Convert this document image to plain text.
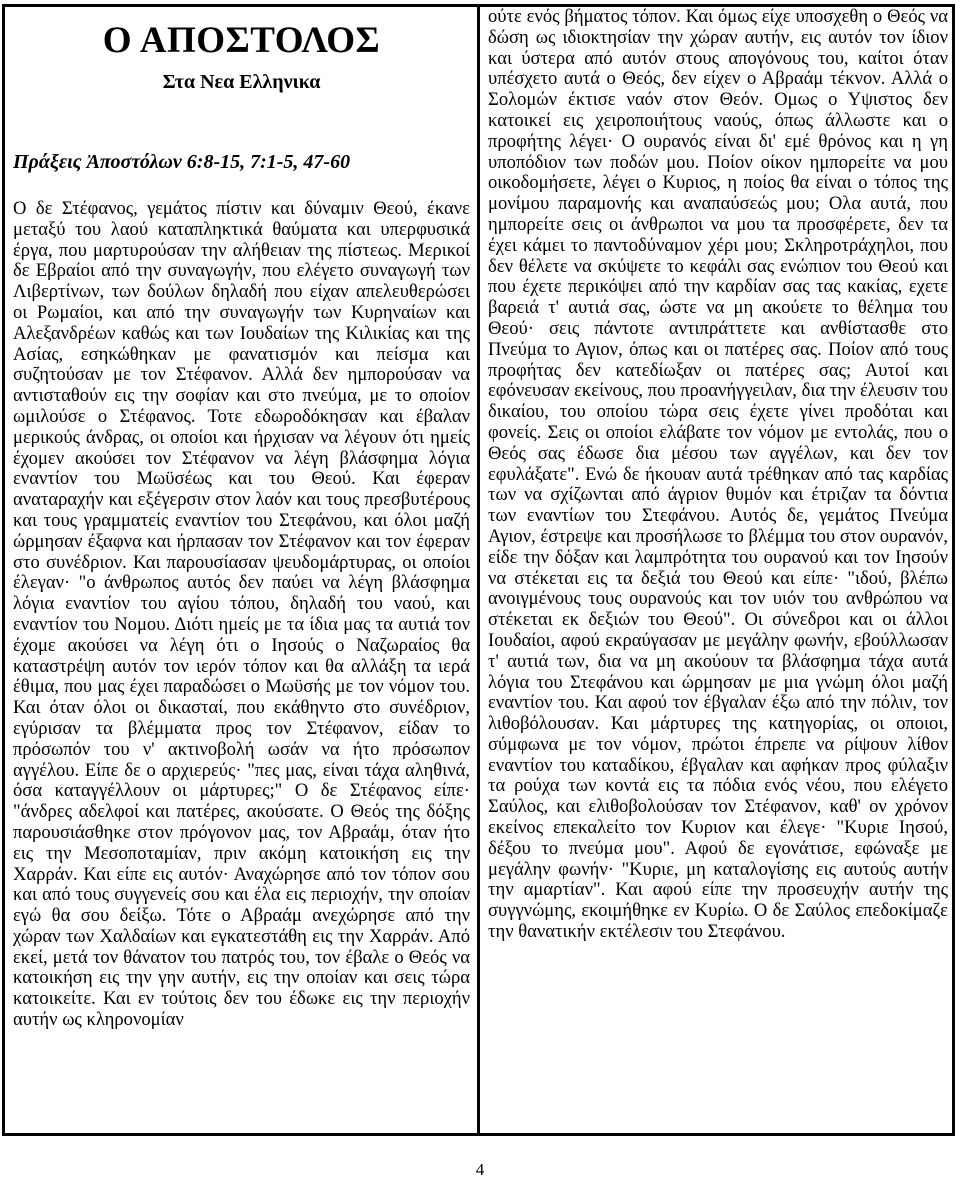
Ο ΑΠΟΣΤΟΛΟΣ
Στα Νεα Ελληνικα
Πράξεις Ἀποστόλων 6:8-15, 7:1-5, 47-60

Ο δε Στέφανος, γεμάτος πίστιν και δύναμιν Θεού, έκανε μεταξύ του λαού καταπληκτικά θαύματα και υπερφυσικά έργα, που μαρτυρούσαν την αλήθειαν της πίστεως. Μερικοί δε Εβραίοι από την συναγωγήν, που ελέγετο συναγωγή των Λιβερτίνων, των δούλων δηλαδή που είχαν απελευθερώσει οι Ρωμαίοι, και από την συναγωγήν των Κυρηναίων και Αλεξανδρέων καθώς και των Ιουδαίων της Κιλικίας και της Ασίας, εσηκώθηκαν με φανατισμόν και πείσμα και συζητούσαν με τον Στέφανον. Αλλά δεν ημπορούσαν να αντισταθούν εις την σοφίαν και στο πνεύμα, με το οποίον ωμιλούσε ο Στέφανος. Τοτε εδωροδόκησαν και έβαλαν μερικούς άνδρας, οι οποίοι και ήρχισαν να λέγουν ότι ημείς έχομεν ακούσει τον Στέφανον να λέγη βλάσφημα λόγια εναντίον του Μωϋσέως και του Θεού. Και έφεραν αναταραχήν και εξέγερσιν στον λαόν και τους πρεσβυτέρους και τους γραμματείς εναντίον του Στεφάνου, και όλοι μαζή ώρμησαν έξαφνα και ήρπασαν τον Στέφανον και τον έφεραν στο συνέδριον. Και παρουσίασαν ψευδομάρτυρας, οι οποίοι έλεγαν· "ο άνθρωπος αυτός δεν παύει να λέγη βλάσφημα λόγια εναντίον του αγίου τόπου, δηλαδή του ναού, και εναντίον του Νομου. Διότι ημείς με τα ίδια μας τα αυτιά τον έχομε ακούσει να λέγη ότι ο Ιησούς ο Ναζωραίος θα καταστρέψη αυτόν τον ιερόν τόπον και θα αλλάξη τα ιερά έθιμα, που μας έχει παραδώσει ο Μωϋσής με τον νόμον του. Και όταν όλοι οι δικασταί, που εκάθηντο στο συνέδριον, εγύρισαν τα βλέμματα προς τον Στέφανον, είδαν το πρόσωπόν του ν' ακτινοβολή ωσάν να ήτο πρόσωπον αγγέλου. Είπε δε ο αρχιερεύς· "πες μας, είναι τάχα αληθινά, όσα καταγγέλλουν οι μάρτυρες;" Ο δε Στέφανος είπε· "άνδρες αδελφοί και πατέρες, ακούσατε. Ο Θεός της δόξης παρουσιάσθηκε στον πρόγονον μας, τον Αβραάμ, όταν ήτο εις την Μεσοποταμίαν, πριν ακόμη κατοικήση εις την Χαρράν. Και είπε εις αυτόν· Αναχώρησε από τον τόπον σου και από τους συγγενείς σου και έλα εις περιοχήν, την οποίαν εγώ θα σου δείξω. Τότε ο Αβραάμ ανεχώρησε από την χώραν των Χαλδαίων και εγκατεστάθη εις την Χαρράν. Από εκεί, μετά τον θάνατον του πατρός του, τον έβαλε ο Θεός να κατοικήση εις την γην αυτήν, εις την οποίαν και σεις τώρα κατοικείτε. Και εν τούτοις δεν του έδωκε εις την περιοχήν αυτήν ως κληρονομίαν

ούτε ενός βήματος τόπον. Και όμως είχε υποσχεθη ο Θεός να δώση ως ιδιοκτησίαν την χώραν αυτήν, εις αυτόν τον ίδιον και ύστερα από αυτόν στους απογόνους του, καίτοι όταν υπέσχετο αυτά ο Θεός, δεν είχεν ο Αβραάμ τέκνον. Αλλά ο Σολομών έκτισε ναόν στον Θεόν. Ομως ο Υψιστος δεν κατοικεί εις χειροποιήτους ναούς, όπως άλλωστε και ο προφήτης λέγει· Ο ουρανός είναι δι' εμέ θρόνος και η γη υποπόδιον των ποδών μου. Ποίον οίκον ημπορείτε να μου οικοδομήσετε, λέγει ο Κυριος, η ποίος θα είναι ο τόπος της μονίμου παραμονής και αναπαύσεώς μου; Ολα αυτά, που ημπορείτε σεις οι άνθρωποι να μου τα προσφέρετε, δεν τα έχει κάμει το παντοδύναμον χέρι μου; Σκληροτράχηλοι, που δεν θέλετε να σκύψετε το κεφάλι σας ενώπιον του Θεού και που έχετε περικόψει από την καρδίαν σας τας κακίας, εχετε βαρειά τ' αυτιά σας, ώστε να μη ακούετε το θέλημα του Θεού· σεις πάντοτε αντιπράττετε και ανθίστασθε στο Πνεύμα το Αγιον, όπως και οι πατέρες σας. Ποίον από τους προφήτας δεν κατεδίωξαν οι πατέρες σας; Αυτοί και εφόνευσαν εκείνους, που προανήγγειλαν, δια την έλευσιν του δικαίου, του οποίου τώρα σεις έχετε γίνει προδόται και φονείς. Σεις οι οποίοι ελάβατε τον νόμον με εντολάς, που ο Θεός σας έδωσε δια μέσου των αγγέλων, και δεν τον εφυλάξατε". Ενώ δε ήκουαν αυτά τρέθηκαν από τας καρδίας των να σχίζωνται από άγριον θυμόν και έτριζαν τα δόντια των εναντίων του Στεφάνου. Αυτός δε, γεμάτος Πνεύμα Αγιον, έστρεψε και προσήλωσε το βλέμμα του στον ουρανόν, είδε την δόξαν και λαμπρότητα του ουρανού και τον Ιησούν να στέκεται εις τα δεξιά του Θεού και είπε· "ιδού, βλέπω ανοιγμένους τους ουρανούς και τον υιόν του ανθρώπου να στέκεται εκ δεξιών του Θεού". Οι σύνεδροι και οι άλλοι Ιουδαίοι, αφού εκραύγασαν με μεγάλην φωνήν, εβούλλωσαν τ' αυτιά των, δια να μη ακούουν τα βλάσφημα τάχα αυτά λόγια του Στεφάνου και ώρμησαν με μια γνώμη όλοι μαζή εναντίον του. Και αφού τον έβγαλαν έξω από την πόλιν, τον λιθοβόλουσαν. Και μάρτυρες της κατηγορίας, οι οποιοι, σύμφωνα με τον νόμον, πρώτοι έπρεπε να ρίψουν λίθον εναντίον του καταδίκου, έβγαλαν και αφήκαν προς φύλαξιν τα ρούχα των κοντά εις τα πόδια ενός νέου, που ελέγετο Σαύλος, και ελιθοβολούσαν τον Στέφανον, καθ' ον χρόνον εκείνος επεκαλείτο τον Κυριον και έλεγε· "Κυριε Ιησού, δέξου το πνεύμα μου". Αφού δε εγονάτισε, εφώναξε με μεγάλην φωνήν· "Κυριε, μη καταλογίσης εις αυτούς αυτήν την αμαρτίαν". Και αφού είπε την προσευχήν αυτήν της συγγνώμης, εκοιμήθηκε εν Κυρίω. Ο δε Σαύλος επεδοκίμαζε την θανατικήν εκτέλεσιν του Στεφάνου.

4
